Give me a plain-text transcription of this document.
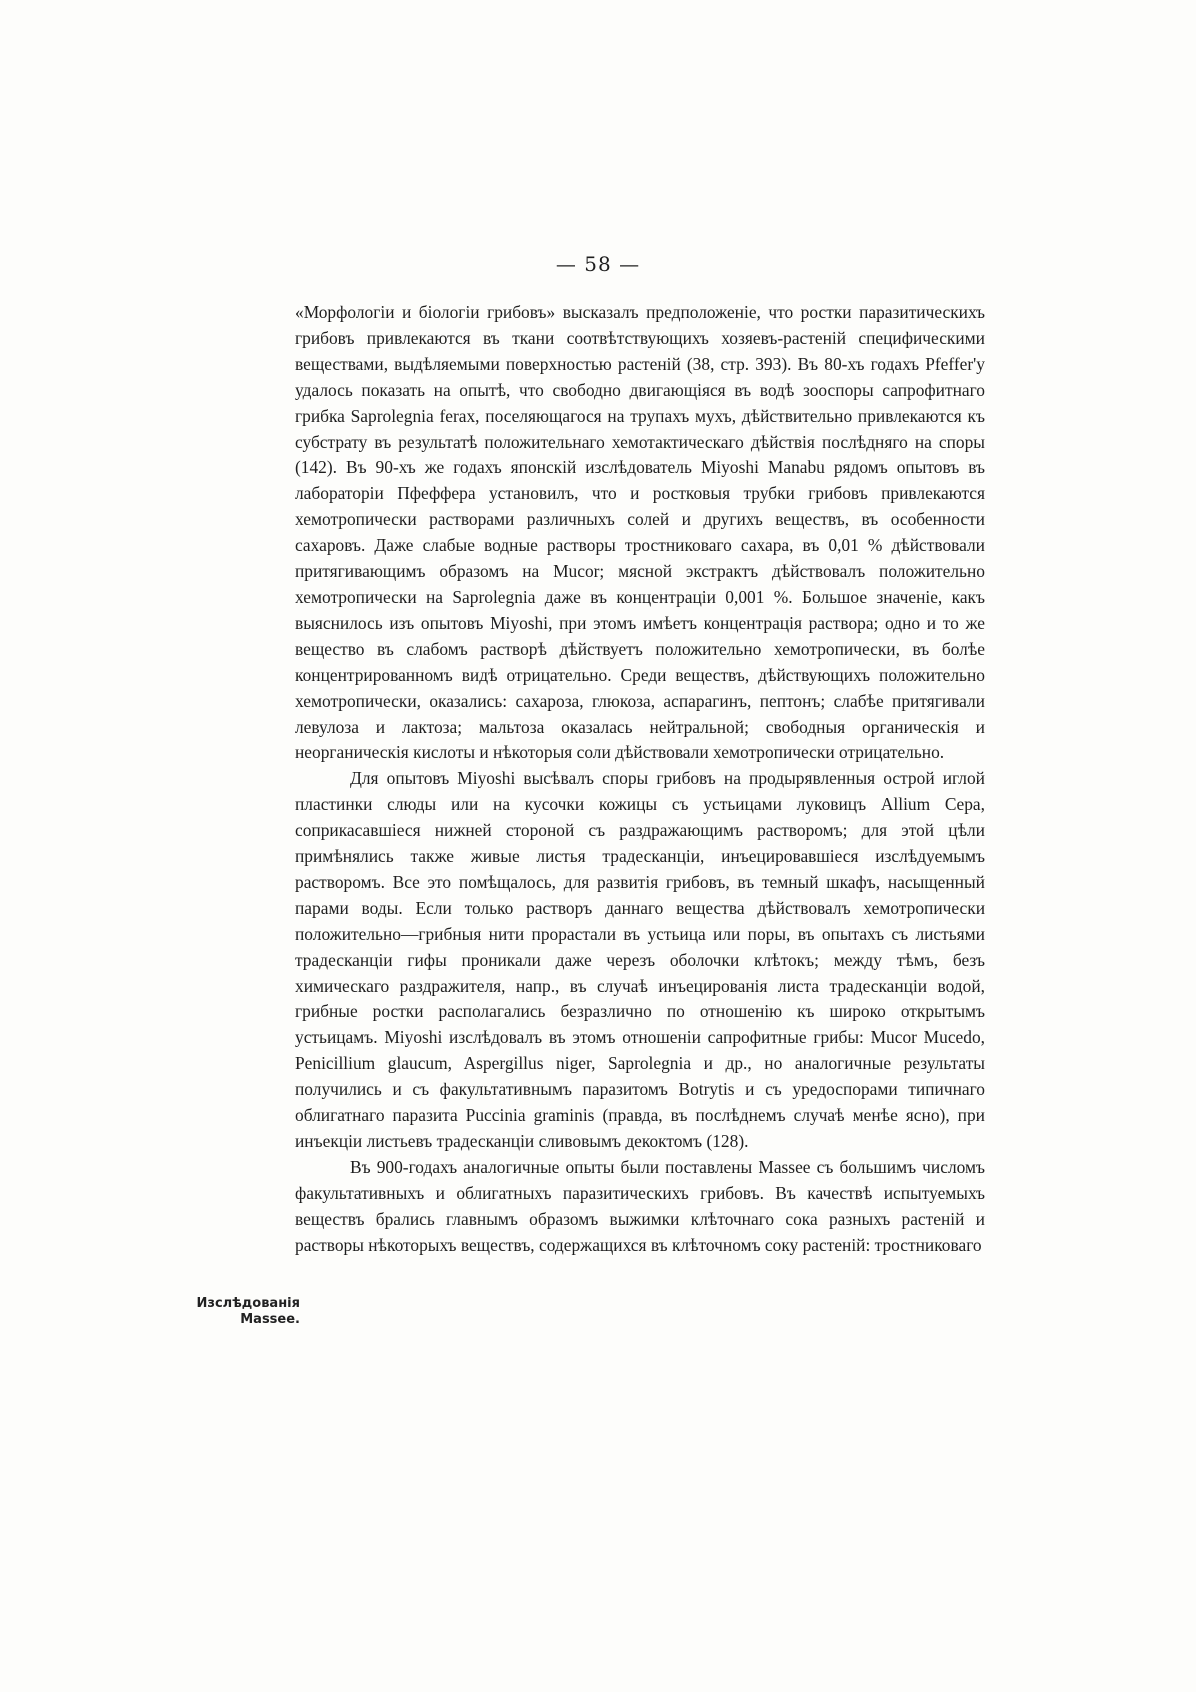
— 58 —

«Морфологіи и біологіи грибовъ» высказалъ предположеніе, что ростки паразитическихъ грибовъ привлекаются въ ткани соотвѣтствующихъ хозяевъ-растеній специфическими веществами, выдѣляемыми поверхностью растеній (38, стр. 393). Въ 80-хъ годахъ Pfeffer'у удалось показать на опытѣ, что свободно двигающіяся въ водѣ зооспоры сапрофитнаго грибка Saprolegnia ferax, поселяющагося на трупахъ мухъ, дѣйствительно привлекаются къ субстрату въ результатѣ положительнаго хемотактическаго дѣйствія послѣдняго на споры (142). Въ 90-хъ же годахъ японскій изслѣдователь Miyoshi Manabu рядомъ опытовъ въ лабораторіи Пфеффера установилъ, что и ростковыя трубки грибовъ привлекаются хемотропически растворами различныхъ солей и другихъ веществъ, въ особенности сахаровъ. Даже слабые водные растворы тростниковаго сахара, въ 0,01 % дѣйствовали притягивающимъ образомъ на Mucor; мясной экстрактъ дѣйствовалъ положительно хемотропически на Saprolegnia даже въ концентраціи 0,001 %. Большое значеніе, какъ выяснилось изъ опытовъ Miyoshi, при этомъ имѣетъ концентрація раствора; одно и то же вещество въ слабомъ растворѣ дѣйствуетъ положительно хемотропически, въ болѣе концентрированномъ видѣ отрицательно. Среди веществъ, дѣйствующихъ положительно хемотропически, оказались: сахароза, глюкоза, аспарагинъ, пептонъ; слабѣе притягивали левулоза и лактоза; мальтоза оказалась нейтральной; свободныя органическія и неорганическія кислоты и нѣкоторыя соли дѣйствовали хемотропически отрицательно.

Для опытовъ Miyoshi высѣвалъ споры грибовъ на продырявленныя острой иглой пластинки слюды или на кусочки кожицы съ устьицами луковицъ Allium Cepa, соприкасавшіеся нижней стороной съ раздражающимъ растворомъ; для этой цѣли примѣнялись также живые листья традесканціи, инъецировавшіеся изслѣдуемымъ растворомъ. Все это помѣщалось, для развитія грибовъ, въ темный шкафъ, насыщенный парами воды. Если только растворъ даннаго вещества дѣйствовалъ хемотропически положительно—грибныя нити прорастали въ устьица или поры, въ опытахъ съ листьями традесканціи гифы проникали даже черезъ оболочки клѣтокъ; между тѣмъ, безъ химическаго раздражителя, напр., въ случаѣ инъецированія листа традесканціи водой, грибные ростки располагались безразлично по отношенію къ широко открытымъ устьицамъ. Miyoshi изслѣдовалъ въ этомъ отношеніи сапрофитные грибы: Mucor Mucedo, Penicillium glaucum, Aspergillus niger, Saprolegnia и др., но аналогичные результаты получились и съ факультативнымъ паразитомъ Botrytis и съ уредоспорами типичнаго облигатнаго паразита Puccinia graminis (правда, въ послѣднемъ случаѣ менѣе ясно), при инъекціи листьевъ традесканціи сливовымъ декоктомъ (128).

Въ 900-годахъ аналогичные опыты были поставлены Massee съ большимъ числомъ факультативныхъ и облигатныхъ паразитическихъ грибовъ. Въ качествѣ испытуемыхъ веществъ брались главнымъ образомъ выжимки клѣточнаго сока разныхъ растеній и растворы нѣкоторыхъ веществъ, содержащихся въ клѣточномъ соку растеній: тростниковаго

Изслѣдованія
Massee.
